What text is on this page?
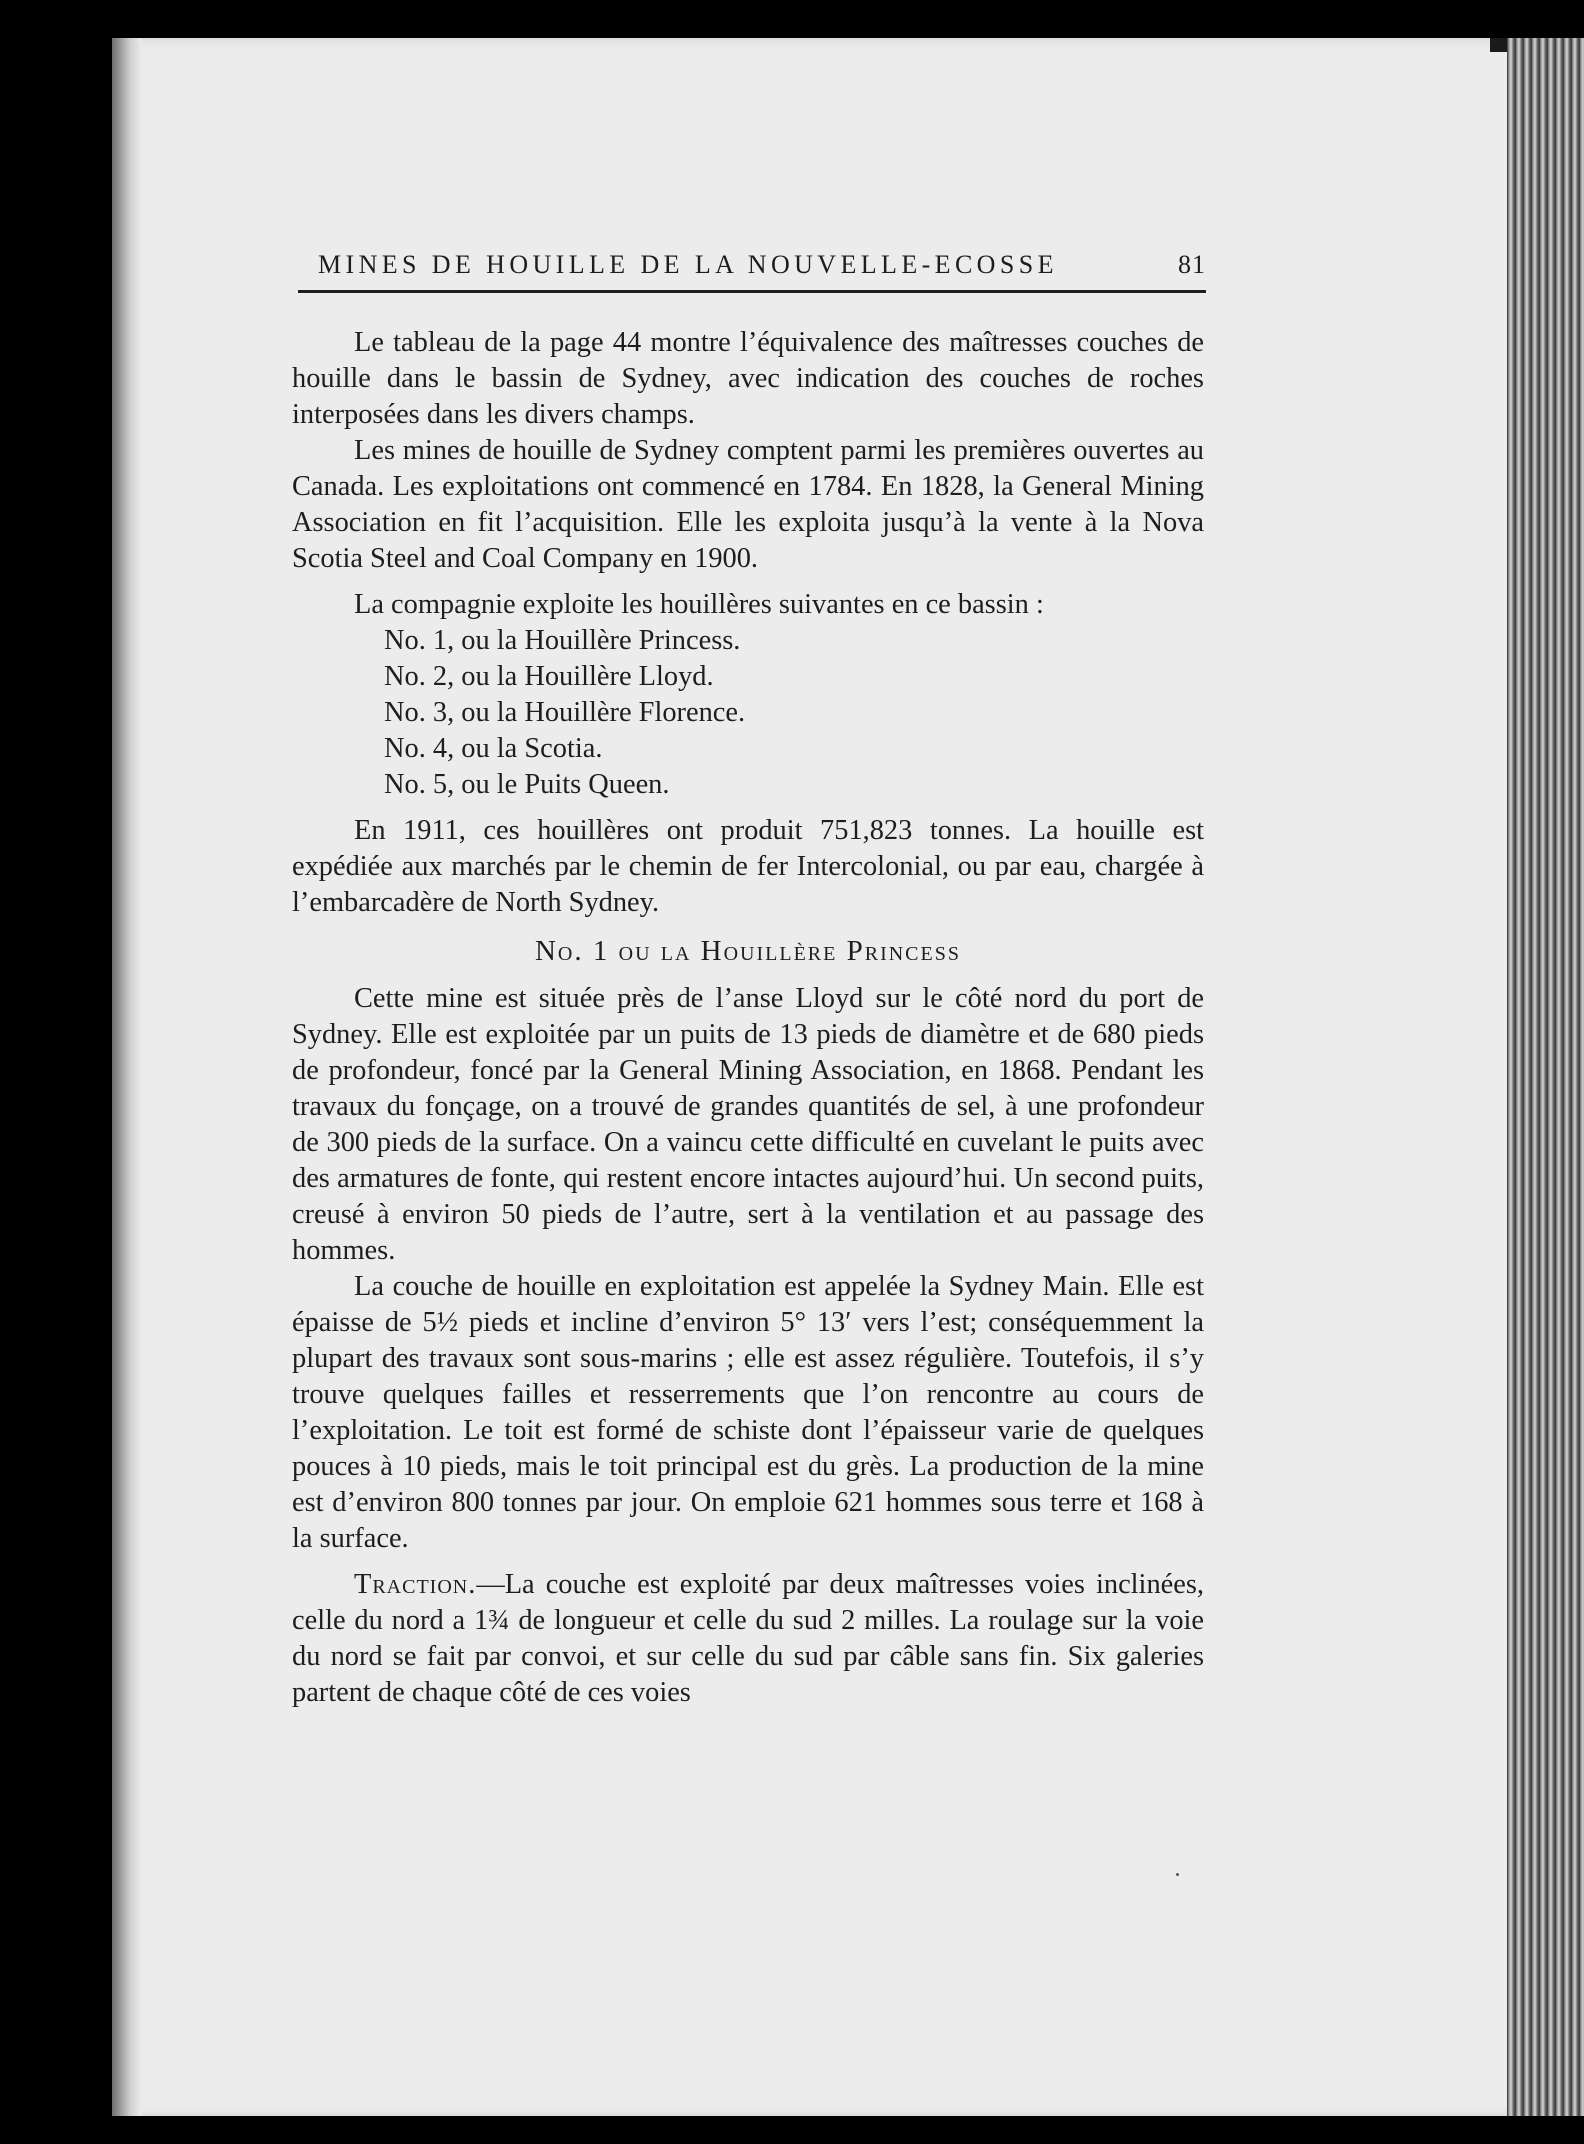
MINES DE HOUILLE DE LA NOUVELLE-ECOSSE	81

Le tableau de la page 44 montre l’équivalence des maîtresses couches de houille dans le bassin de Sydney, avec indication des couches de roches interposées dans les divers champs.

Les mines de houille de Sydney comptent parmi les premières ouvertes au Canada. Les exploitations ont commencé en 1784. En 1828, la General Mining Association en fit l’acquisition. Elle les exploita jusqu’à la vente à la Nova Scotia Steel and Coal Company en 1900.

La compagnie exploite les houillères suivantes en ce bassin :

No. 1, ou la Houillère Princess.
No. 2, ou la Houillère Lloyd.
No. 3, ou la Houillère Florence.
No. 4, ou la Scotia.
No. 5, ou le Puits Queen.

En 1911, ces houillères ont produit 751,823 tonnes. La houille est expédiée aux marchés par le chemin de fer Intercolonial, ou par eau, chargée à l’embarcadère de North Sydney.

No. 1 ou la Houillère Princess

Cette mine est située près de l’anse Lloyd sur le côté nord du port de Sydney. Elle est exploitée par un puits de 13 pieds de diamètre et de 680 pieds de profondeur, foncé par la General Mining Association, en 1868. Pendant les travaux du fonçage, on a trouvé de grandes quantités de sel, à une profondeur de 300 pieds de la surface. On a vaincu cette difficulté en cuvelant le puits avec des armatures de fonte, qui restent encore intactes aujourd’hui. Un second puits, creusé à environ 50 pieds de l’autre, sert à la ventilation et au passage des hommes.

La couche de houille en exploitation est appelée la Sydney Main. Elle est épaisse de 5½ pieds et incline d’environ 5° 13′ vers l’est; conséquemment la plupart des travaux sont sous-marins ; elle est assez régulière. Toutefois, il s’y trouve quelques failles et resserrements que l’on rencontre au cours de l’exploitation. Le toit est formé de schiste dont l’épaisseur varie de quelques pouces à 10 pieds, mais le toit principal est du grès. La production de la mine est d’environ 800 tonnes par jour. On emploie 621 hommes sous terre et 168 à la surface.

Traction.—La couche est exploité par deux maîtresses voies inclinées, celle du nord a 1¾ de longueur et celle du sud 2 milles. La roulage sur la voie du nord se fait par convoi, et sur celle du sud par câble sans fin. Six galeries partent de chaque côté de ces voies
